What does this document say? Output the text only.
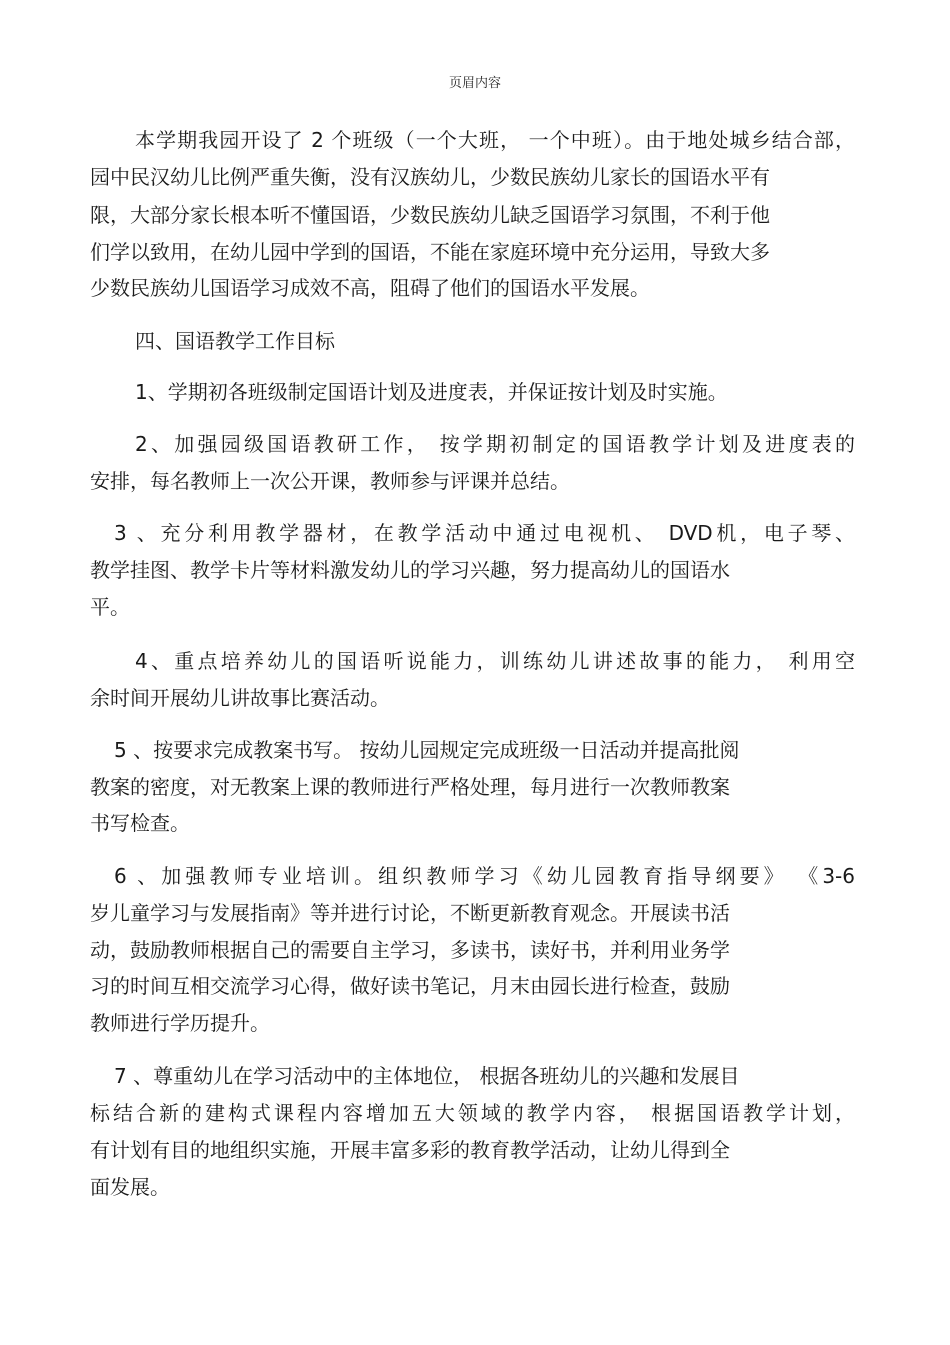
页眉内容
本学期我园开设了 2 个班级（一个大班， 一个中班）。由于地处城乡结合部，
园中民汉幼儿比例严重失衡，没有汉族幼儿，少数民族幼儿家长的国语水平有
限，大部分家长根本听不懂国语，少数民族幼儿缺乏国语学习氛围，不利于他
们学以致用，在幼儿园中学到的国语，不能在家庭环境中充分运用，导致大多
少数民族幼儿国语学习成效不高，阻碍了他们的国语水平发展。
四、国语教学工作目标
1、学期初各班级制定国语计划及进度表，并保证按计划及时实施。
2、加强园级国语教研工作， 按学期初制定的国语教学计划及进度表的
安排，每名教师上一次公开课，教师参与评课并总结。
3 、充分利用教学器材，在教学活动中通过电视机、 DVD机，电子琴、
教学挂图、教学卡片等材料激发幼儿的学习兴趣，努力提高幼儿的国语水
平。
4、重点培养幼儿的国语听说能力，训练幼儿讲述故事的能力， 利用空
余时间开展幼儿讲故事比赛活动。
5 、按要求完成教案书写。 按幼儿园规定完成班级一日活动并提高批阅
教案的密度，对无教案上课的教师进行严格处理，每月进行一次教师教案
书写检查。
6 、加强教师专业培训。组织教师学习《幼儿园教育指导纲要》 《3-6
岁儿童学习与发展指南》等并进行讨论，不断更新教育观念。开展读书活
动，鼓励教师根据自己的需要自主学习，多读书，读好书，并利用业务学
习的时间互相交流学习心得，做好读书笔记，月末由园长进行检查，鼓励
教师进行学历提升。
7 、尊重幼儿在学习活动中的主体地位， 根据各班幼儿的兴趣和发展目
标结合新的建构式课程内容增加五大领域的教学内容， 根据国语教学计划，
有计划有目的地组织实施，开展丰富多彩的教育教学活动，让幼儿得到全
面发展。
